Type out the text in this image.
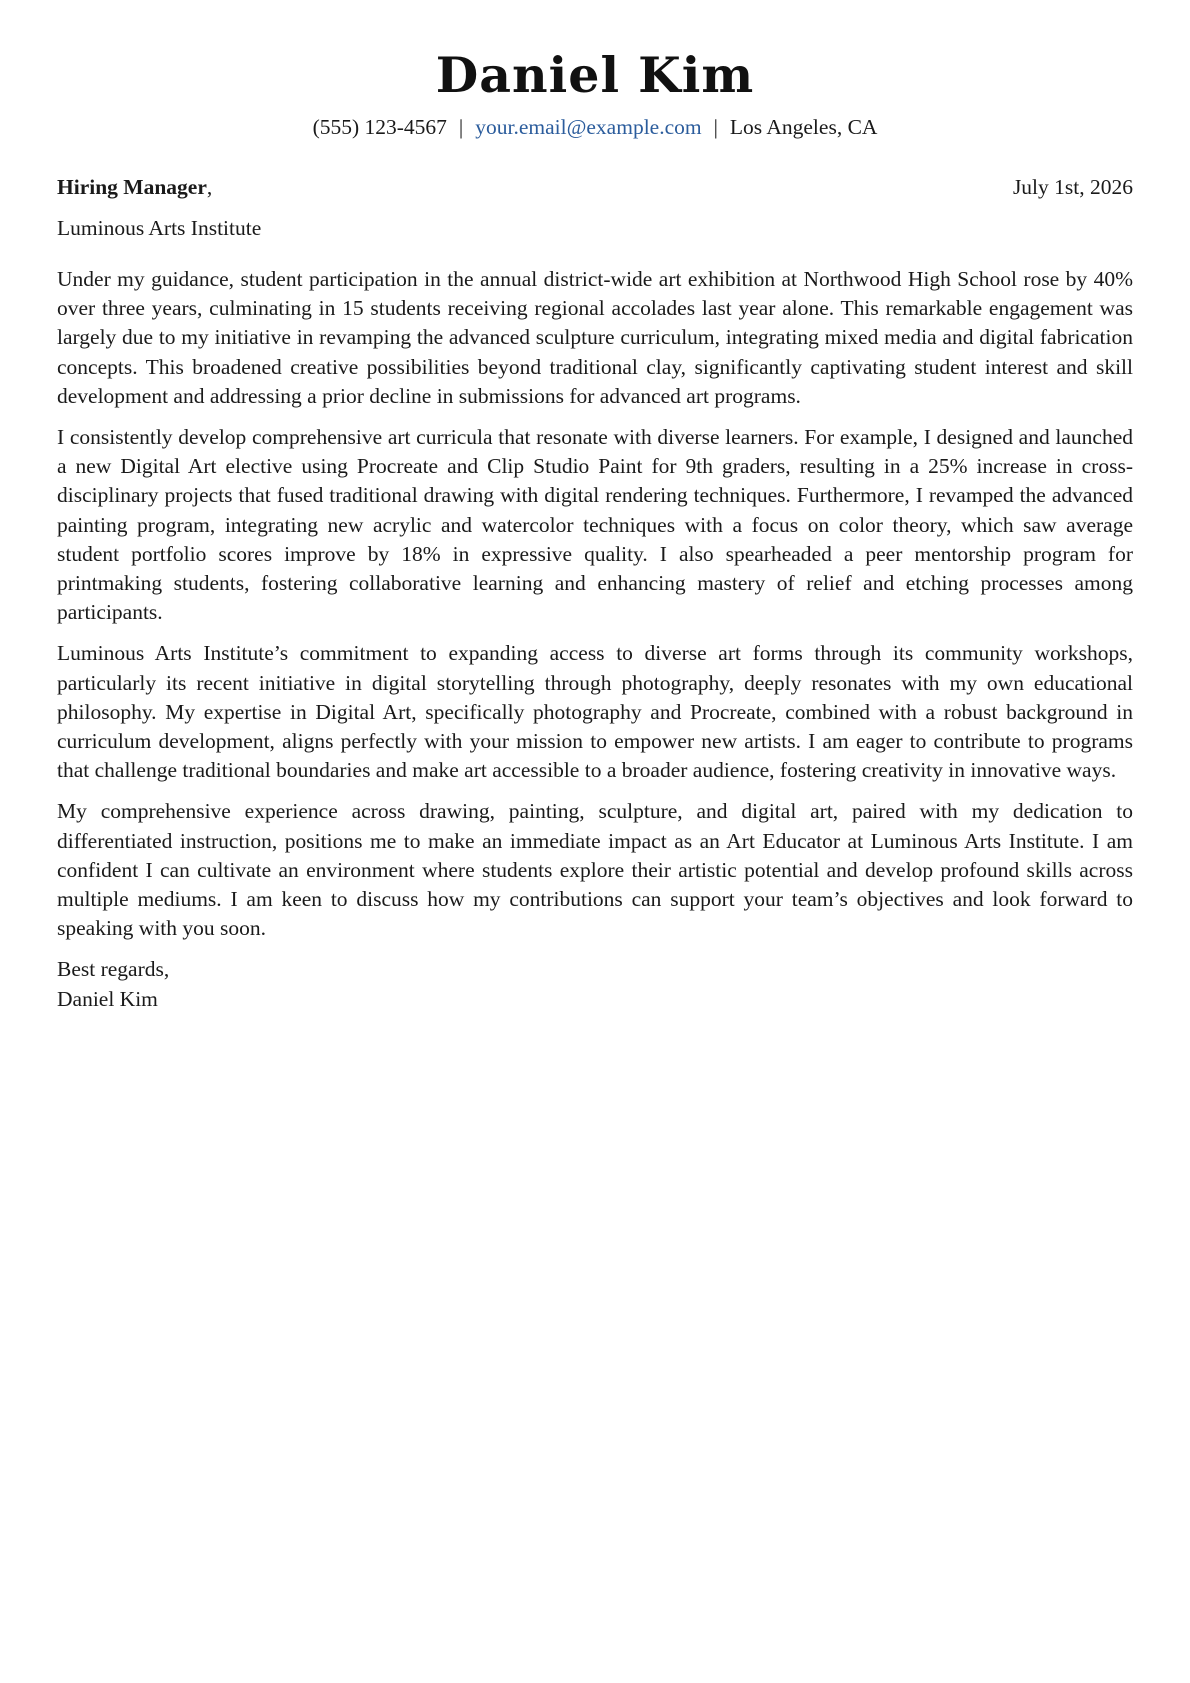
Daniel Kim
(555) 123-4567 | your.email@example.com | Los Angeles, CA
Hiring Manager,	July 1st, 2026
Luminous Arts Institute

Under my guidance, student participation in the annual district-wide art exhibition at Northwood High School rose by 40% over three years, culminating in 15 students receiving regional accolades last year alone. This remarkable engagement was largely due to my initiative in revamping the advanced sculpture curriculum, integrating mixed media and digital fabrication concepts. This broadened creative possibilities beyond traditional clay, significantly captivating student interest and skill development and addressing a prior decline in submissions for advanced art programs.

I consistently develop comprehensive art curricula that resonate with diverse learners. For example, I designed and launched a new Digital Art elective using Procreate and Clip Studio Paint for 9th graders, resulting in a 25% increase in cross-disciplinary projects that fused traditional drawing with digital rendering techniques. Furthermore, I revamped the advanced painting program, integrating new acrylic and watercolor techniques with a focus on color theory, which saw average student portfolio scores improve by 18% in expressive quality. I also spearheaded a peer mentorship program for printmaking students, fostering collaborative learning and enhancing mastery of relief and etching processes among participants.

Luminous Arts Institute’s commitment to expanding access to diverse art forms through its community workshops, particularly its recent initiative in digital storytelling through photography, deeply resonates with my own educational philosophy. My expertise in Digital Art, specifically photography and Procreate, combined with a robust background in curriculum development, aligns perfectly with your mission to empower new artists. I am eager to contribute to programs that challenge traditional boundaries and make art accessible to a broader audience, fostering creativity in innovative ways.

My comprehensive experience across drawing, painting, sculpture, and digital art, paired with my dedication to differentiated instruction, positions me to make an immediate impact as an Art Educator at Luminous Arts Institute. I am confident I can cultivate an environment where students explore their artistic potential and develop profound skills across multiple mediums. I am keen to discuss how my contributions can support your team’s objectives and look forward to speaking with you soon.

Best regards,
Daniel Kim
